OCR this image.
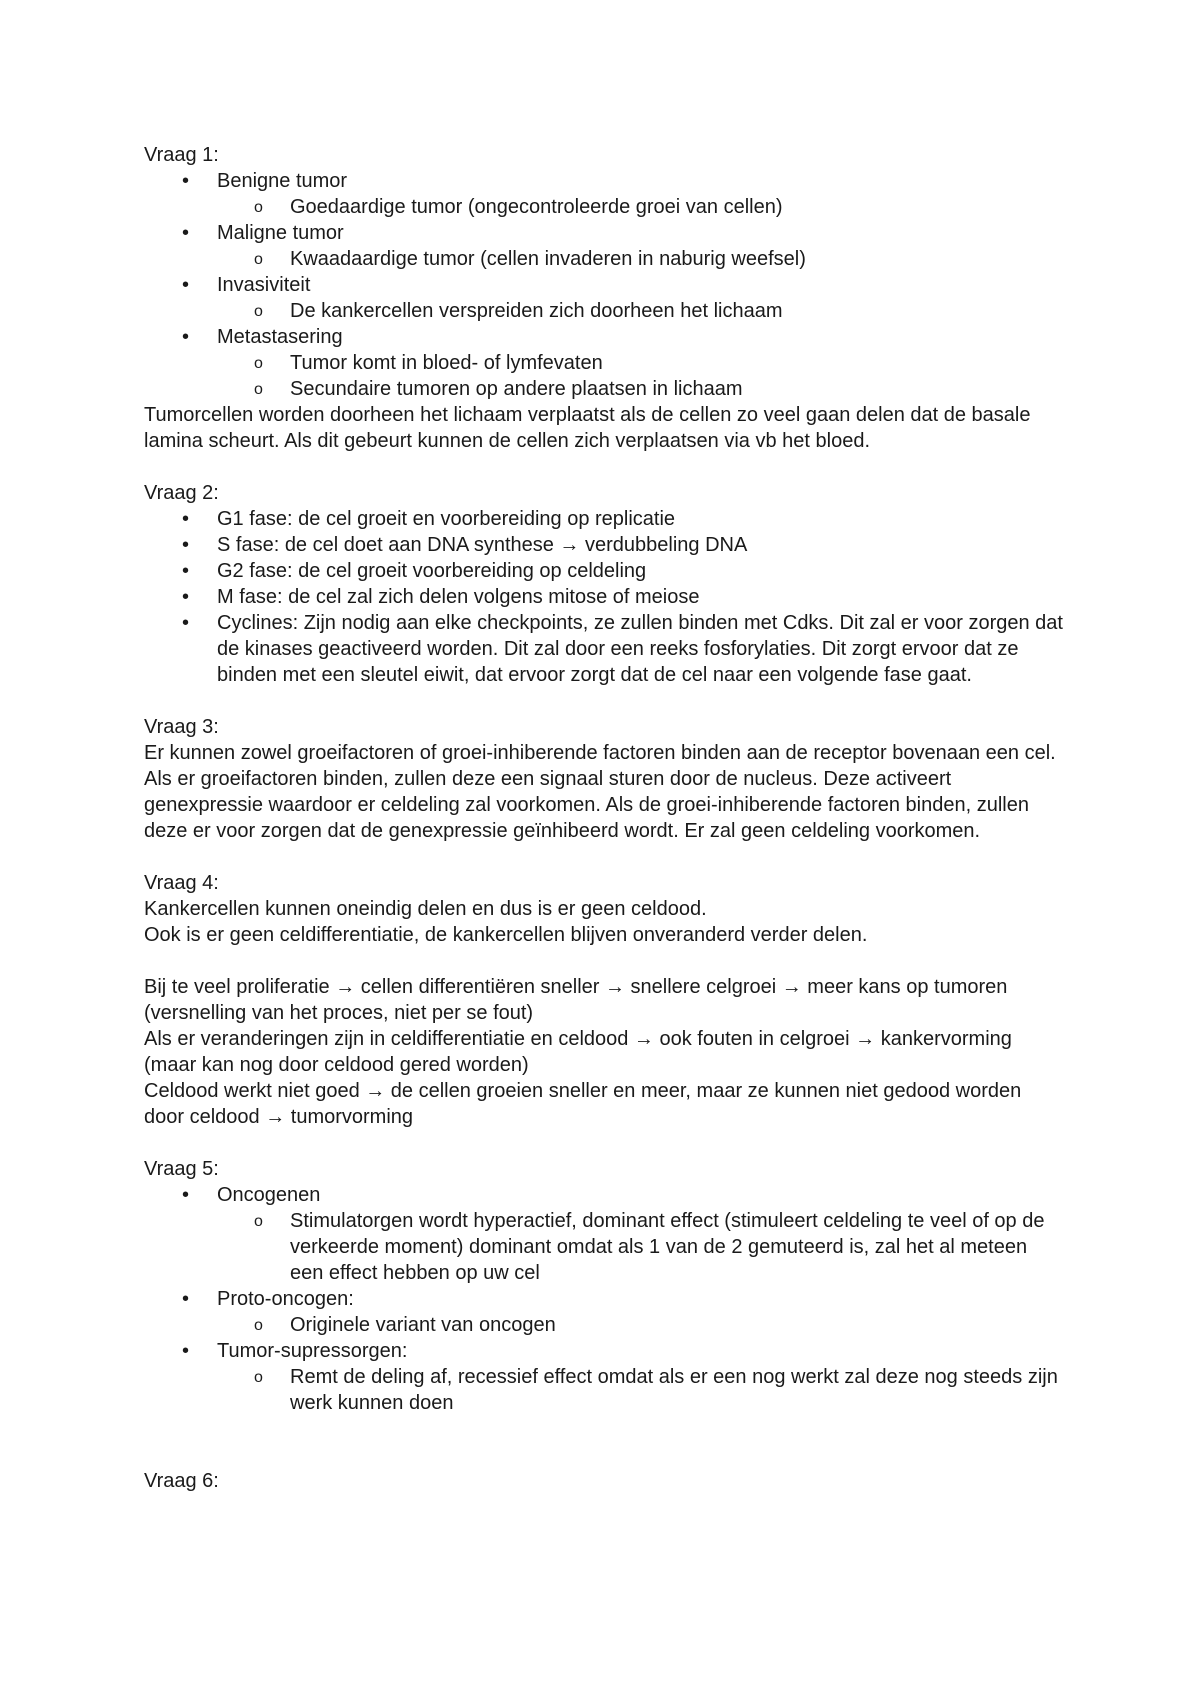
Vraag 1:

• Benigne tumor
o Goedaardige tumor (ongecontroleerde groei van cellen)
• Maligne tumor
o Kwaadaardige tumor (cellen invaderen in naburig weefsel)
• Invasiviteit
o De kankercellen verspreiden zich doorheen het lichaam
• Metastasering
o Tumor komt in bloed- of lymfevaten
o Secundaire tumoren op andere plaatsen in lichaam

Tumorcellen worden doorheen het lichaam verplaatst als de cellen zo veel gaan delen dat de basale lamina scheurt. Als dit gebeurt kunnen de cellen zich verplaatsen via vb het bloed.

Vraag 2:

• G1 fase: de cel groeit en voorbereiding op replicatie
• S fase: de cel doet aan DNA synthese → verdubbeling DNA
• G2 fase: de cel groeit voorbereiding op celdeling
• M fase: de cel zal zich delen volgens mitose of meiose
• Cyclines: Zijn nodig aan elke checkpoints, ze zullen binden met Cdks. Dit zal er voor zorgen dat de kinases geactiveerd worden. Dit zal door een reeks fosforylaties. Dit zorgt ervoor dat ze binden met een sleutel eiwit, dat ervoor zorgt dat de cel naar een volgende fase gaat.

Vraag 3:

Er kunnen zowel groeifactoren of groei-inhiberende factoren binden aan de receptor bovenaan een cel. Als er groeifactoren binden, zullen deze een signaal sturen door de nucleus. Deze activeert genexpressie waardoor er celdeling zal voorkomen. Als de groei-inhiberende factoren binden, zullen deze er voor zorgen dat de genexpressie geïnhibeerd wordt. Er zal geen celdeling voorkomen.

Vraag 4:

Kankercellen kunnen oneindig delen en dus is er geen celdood.

Ook is er geen celdifferentiatie, de kankercellen blijven onveranderd verder delen.

Bij te veel proliferatie → cellen differentiëren sneller → snellere celgroei → meer kans op tumoren (versnelling van het proces, niet per se fout)

Als er veranderingen zijn in celdifferentiatie en celdood → ook fouten in celgroei → kankervorming (maar kan nog door celdood gered worden)

Celdood werkt niet goed → de cellen groeien sneller en meer, maar ze kunnen niet gedood worden door celdood → tumorvorming

Vraag 5:

• Oncogenen
o Stimulatorgen wordt hyperactief, dominant effect (stimuleert celdeling te veel of op de verkeerde moment) dominant omdat als 1 van de 2 gemuteerd is, zal het al meteen een effect hebben op uw cel
• Proto-oncogen:
o Originele variant van oncogen
• Tumor-supressorgen:
o Remt de deling af, recessief effect omdat als er een nog werkt zal deze nog steeds zijn werk kunnen doen

Vraag 6:
